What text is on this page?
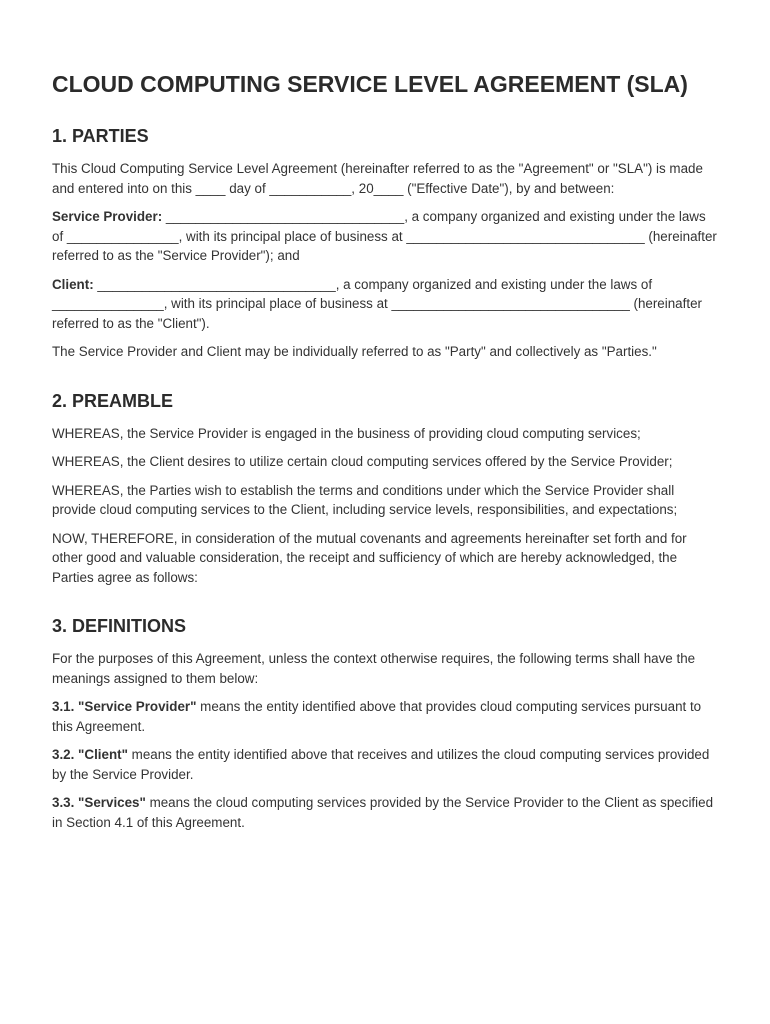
CLOUD COMPUTING SERVICE LEVEL AGREEMENT (SLA)
1. PARTIES

This Cloud Computing Service Level Agreement (hereinafter referred to as the "Agreement" or "SLA") is made and entered into on this ____ day of ___________, 20____ ("Effective Date"), by and between:

Service Provider: ________________________________, a company organized and existing under the laws of _______________, with its principal place of business at ________________________________ (hereinafter referred to as the "Service Provider"); and

Client: ________________________________, a company organized and existing under the laws of _______________, with its principal place of business at ________________________________ (hereinafter referred to as the "Client").

The Service Provider and Client may be individually referred to as "Party" and collectively as "Parties."

2. PREAMBLE

WHEREAS, the Service Provider is engaged in the business of providing cloud computing services;

WHEREAS, the Client desires to utilize certain cloud computing services offered by the Service Provider;

WHEREAS, the Parties wish to establish the terms and conditions under which the Service Provider shall provide cloud computing services to the Client, including service levels, responsibilities, and expectations;

NOW, THEREFORE, in consideration of the mutual covenants and agreements hereinafter set forth and for other good and valuable consideration, the receipt and sufficiency of which are hereby acknowledged, the Parties agree as follows:

3. DEFINITIONS

For the purposes of this Agreement, unless the context otherwise requires, the following terms shall have the meanings assigned to them below:

3.1. "Service Provider" means the entity identified above that provides cloud computing services pursuant to this Agreement.

3.2. "Client" means the entity identified above that receives and utilizes the cloud computing services provided by the Service Provider.

3.3. "Services" means the cloud computing services provided by the Service Provider to the Client as specified in Section 4.1 of this Agreement.
